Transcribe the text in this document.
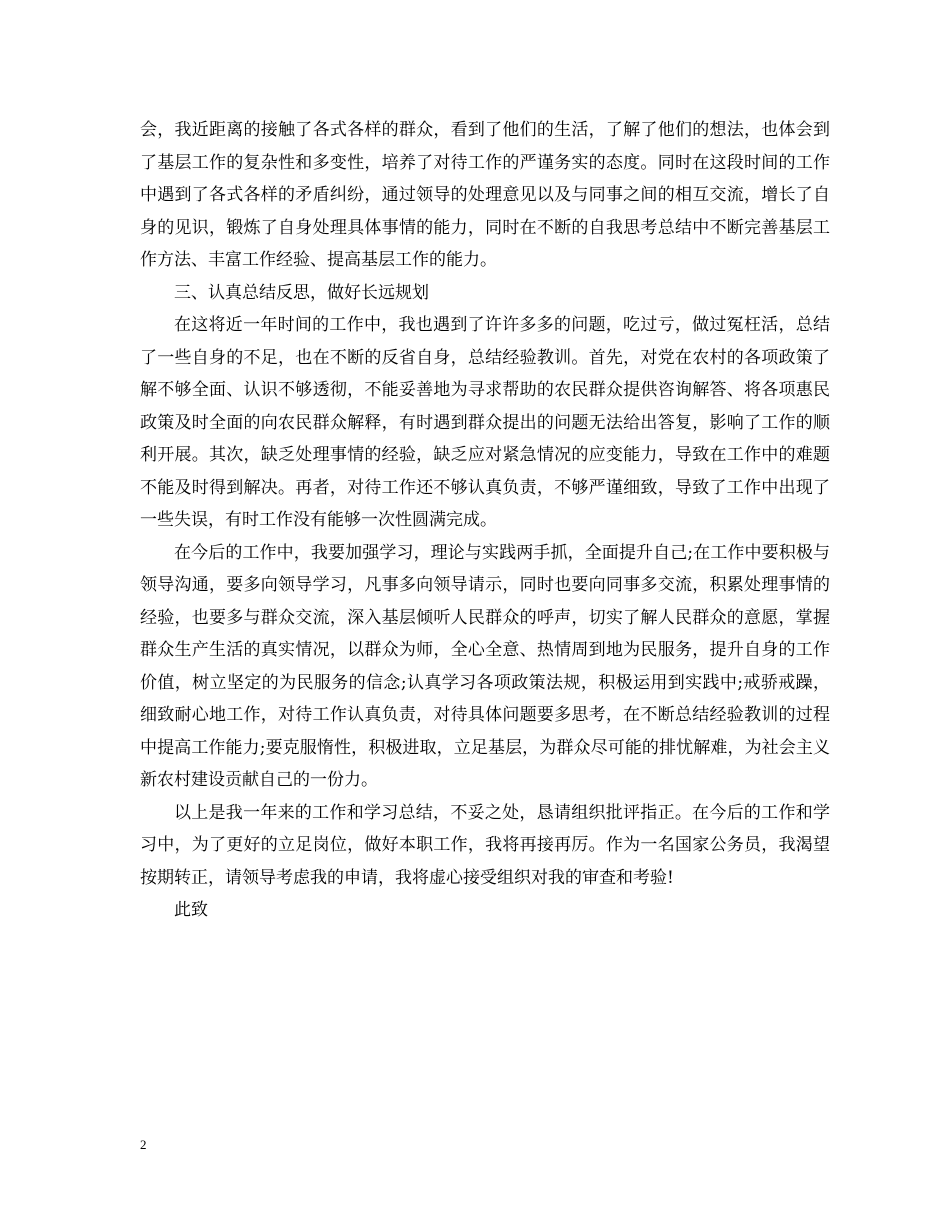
会，我近距离的接触了各式各样的群众，看到了他们的生活，了解了他们的想法，也体会到了基层工作的复杂性和多变性，培养了对待工作的严谨务实的态度。同时在这段时间的工作中遇到了各式各样的矛盾纠纷，通过领导的处理意见以及与同事之间的相互交流，增长了自身的见识，锻炼了自身处理具体事情的能力，同时在不断的自我思考总结中不断完善基层工作方法、丰富工作经验、提高基层工作的能力。

三、认真总结反思，做好长远规划

在这将近一年时间的工作中，我也遇到了许许多多的问题，吃过亏，做过冤枉活，总结了一些自身的不足，也在不断的反省自身，总结经验教训。首先，对党在农村的各项政策了解不够全面、认识不够透彻，不能妥善地为寻求帮助的农民群众提供咨询解答、将各项惠民政策及时全面的向农民群众解释，有时遇到群众提出的问题无法给出答复，影响了工作的顺利开展。其次，缺乏处理事情的经验，缺乏应对紧急情况的应变能力，导致在工作中的难题不能及时得到解决。再者，对待工作还不够认真负责，不够严谨细致，导致了工作中出现了一些失误，有时工作没有能够一次性圆满完成。

在今后的工作中，我要加强学习，理论与实践两手抓，全面提升自己;在工作中要积极与领导沟通，要多向领导学习，凡事多向领导请示，同时也要向同事多交流，积累处理事情的经验，也要多与群众交流，深入基层倾听人民群众的呼声，切实了解人民群众的意愿，掌握群众生产生活的真实情况，以群众为师，全心全意、热情周到地为民服务，提升自身的工作价值，树立坚定的为民服务的信念;认真学习各项政策法规，积极运用到实践中;戒骄戒躁，细致耐心地工作，对待工作认真负责，对待具体问题要多思考，在不断总结经验教训的过程中提高工作能力;要克服惰性，积极进取，立足基层，为群众尽可能的排忧解难，为社会主义新农村建设贡献自己的一份力。

以上是我一年来的工作和学习总结，不妥之处，恳请组织批评指正。在今后的工作和学习中，为了更好的立足岗位，做好本职工作，我将再接再厉。作为一名国家公务员，我渴望按期转正，请领导考虑我的申请，我将虚心接受组织对我的审查和考验!

此致

2
